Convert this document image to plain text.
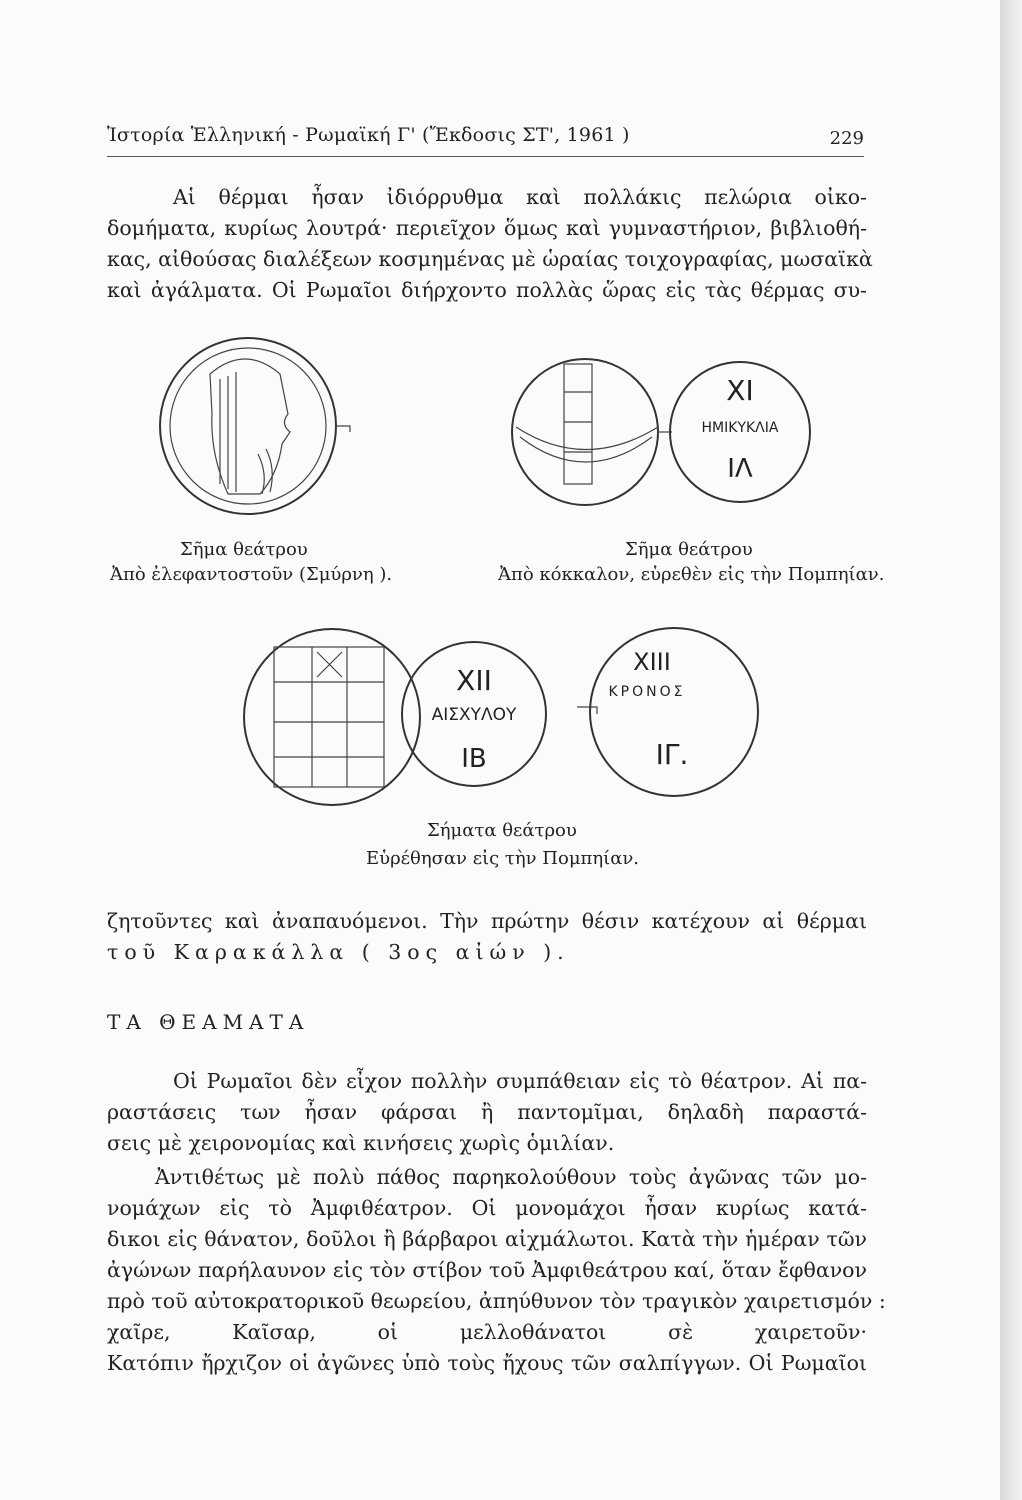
Ἱστορία Ἑλληνική - Ρωμαϊκή Γ' (Ἔκδοσις ΣΤ', 1961 )	229
Αἱ θέρμαι ἦσαν ἰδιόρρυθμα καὶ πολλάκις πελώρια οἰκο-
δομήματα, κυρίως λουτρά· περιεῖχον ὅμως καὶ γυμναστήριον, βιβλιοθή-
κας, αἰθούσας διαλέξεων κοσμημένας μὲ ὡραίας τοιχογραφίας, μωσαϊκὰ
καὶ ἀγάλματα. Οἱ Ρωμαῖοι διήρχοντο πολλὰς ὥρας εἰς τὰς θέρμας συ-
Σῆμα θεάτρου
Ἀπὸ ἐλεφαντοστοῦν (Σμύρνη ).
XI
ΗΜΙΚΥΚΛΙΑ
ΙΛ
Σῆμα θεάτρου
Ἀπὸ κόκκαλον, εὑρεθὲν εἰς τὴν Πομπηίαν.
XII
ΑΙΣΧΥΛΟΥ
ΙΒ
XIII
ΚΡΟΝΟΣ
ΙΓ.
Σήματα θεάτρου
Εὑρέθησαν εἰς τὴν Πομπηίαν.
ζητοῦντες καὶ ἀναπαυόμενοι. Τὴν πρώτην θέσιν κατέχουν αἱ θέρμαι
τοῦ Καρακάλλα ( 3ος αἰών ).
ΤΑ ΘΕΑΜΑΤΑ
Οἱ Ρωμαῖοι δὲν εἶχον πολλὴν συμπάθειαν εἰς τὸ θέατρον. Αἱ πα-
ραστάσεις των ἦσαν φάρσαι ἢ παντομῖμαι, δηλαδὴ παραστά-
σεις μὲ χειρονομίας καὶ κινήσεις χωρὶς ὁμιλίαν.
Ἀντιθέτως μὲ πολὺ πάθος παρηκολούθουν τοὺς ἀγῶνας τῶν μο-
νομάχων εἰς τὸ Ἀμφιθέατρον. Οἱ μονομάχοι ἦσαν κυρίως κατά-
δικοι εἰς θάνατον, δοῦλοι ἢ βάρβαροι αἰχμάλωτοι. Κατὰ τὴν ἡμέραν τῶν
ἀγώνων παρήλαυνον εἰς τὸν στίβον τοῦ Ἀμφιθεάτρου καί, ὅταν ἔφθανον
πρὸ τοῦ αὐτοκρατορικοῦ θεωρείου, ἀπηύθυνον τὸν τραγικὸν χαιρετισμόν :
χαῖρε, Καῖσαρ, οἱ μελλοθάνατοι σὲ χαιρετοῦν·
Κατόπιν ἤρχιζον οἱ ἀγῶνες ὑπὸ τοὺς ἤχους τῶν σαλπίγγων. Οἱ Ρωμαῖοι
